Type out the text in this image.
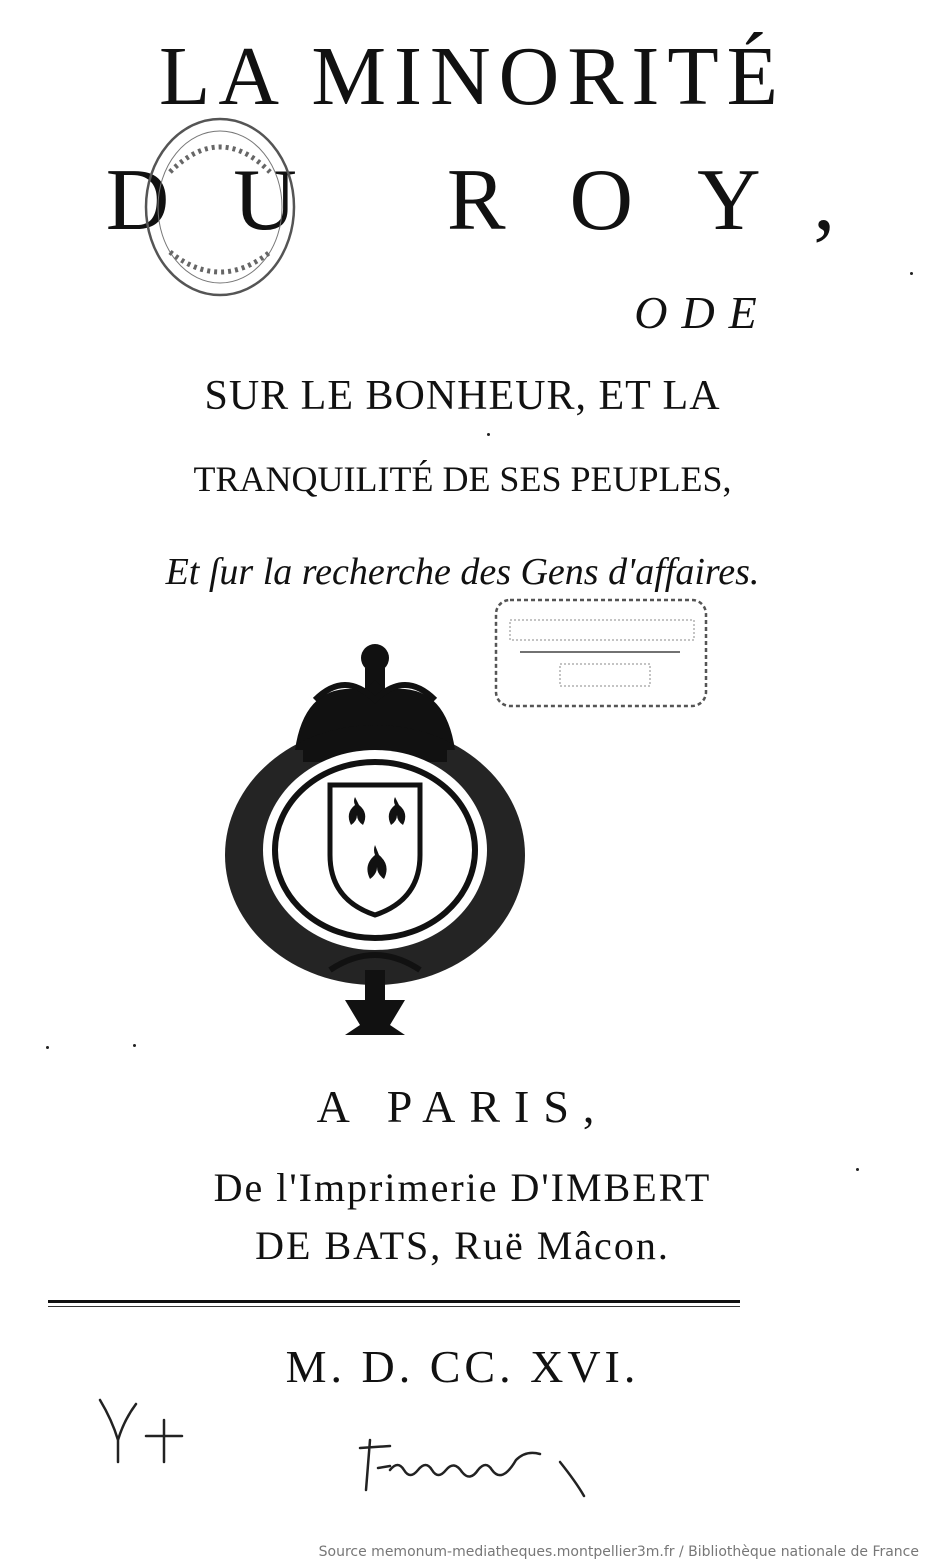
LA MINORITÉ
DU ROY,
ODE
SUR LE BONHEUR, ET LA
TRANQUILITÉ DE SES PEUPLES,
Et ſur la recherche des Gens d'affaires.
A PARIS,
De l'Imprimerie D'IMBERT
DE BATS, Ruë Mâcon.
M. D. CC. XVI.
Source memonum-mediatheques.montpellier3m.fr / Bibliothèque nationale de France
